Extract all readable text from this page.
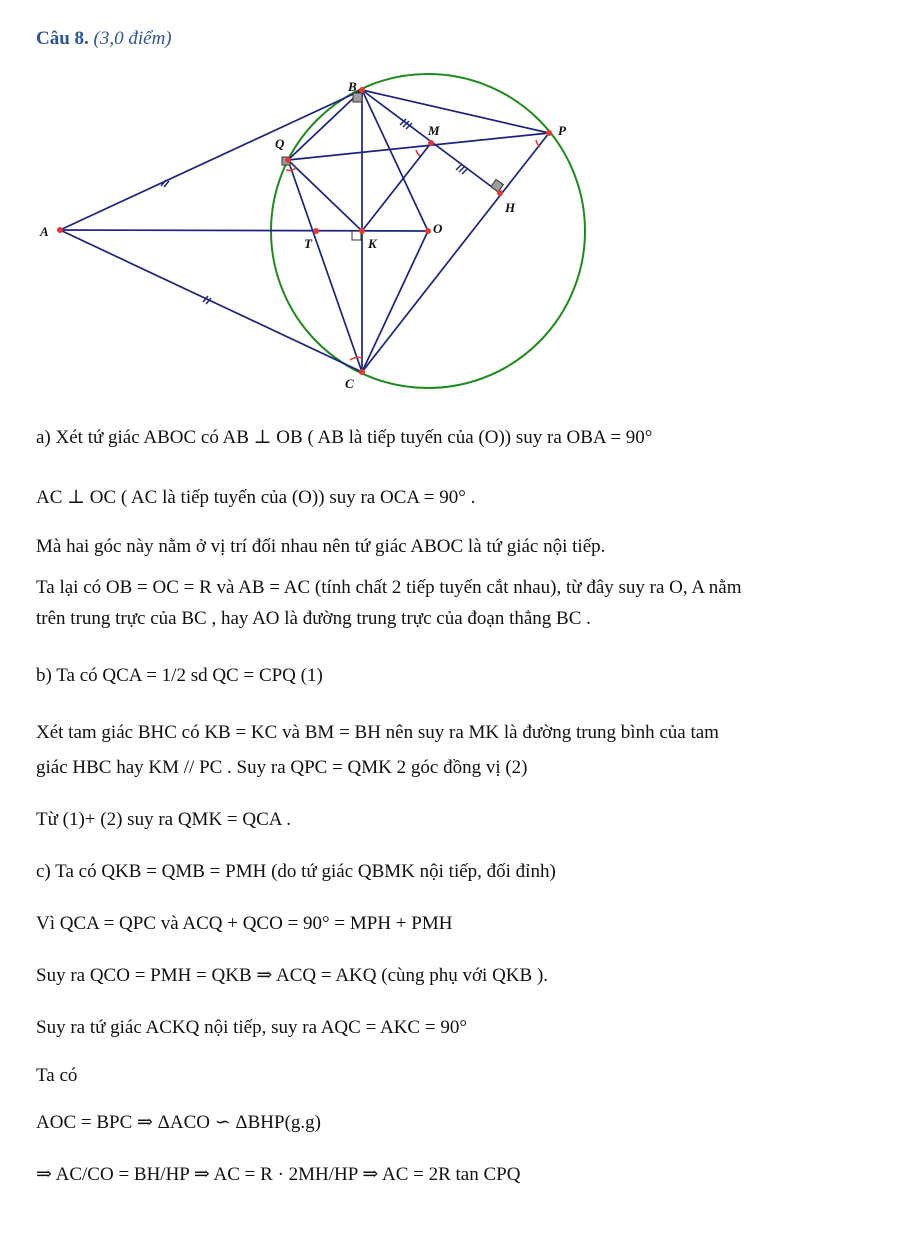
Câu 8. (3,0 điểm)
B
Q
M	P
A
T	K
O
H
C
a) Xét tứ giác ABOC có AB ⊥ OB ( AB là tiếp tuyến của (O)) suy ra OBA = 90°
AC ⊥ OC ( AC là tiếp tuyến của (O)) suy ra OCA = 90° .
Mà hai góc này nằm ở vị trí đối nhau nên tứ giác ABOC là tứ giác nội tiếp.
Ta lại có OB = OC = R và AB = AC (tính chất 2 tiếp tuyến cắt nhau), từ đây suy ra O, A nằm
trên trung trực của BC , hay AO là đường trung trực của đoạn thẳng BC .
b) Ta có QCA = 1/2 sd QC = CPQ (1)
Xét tam giác BHC có KB = KC và BM = BH nên suy ra MK là đường trung bình của tam
giác HBC hay KM // PC . Suy ra QPC = QMK 2 góc đồng vị (2)
Từ (1)+ (2) suy ra QMK = QCA .
c) Ta có QKB = QMB = PMH (do tứ giác QBMK nội tiếp, đối đỉnh)
Vì QCA = QPC và ACQ + QCO = 90° = MPH + PMH
Suy ra QCO = PMH = QKB ⇒ ACQ = AKQ (cùng phụ với QKB ).
Suy ra tứ giác ACKQ nội tiếp, suy ra AQC = AKC = 90°
Ta có
AOC = BPC ⇒ ΔACO ∽ ΔBHP(g.g)
⇒ AC/CO = BH/HP ⇒ AC = R · 2MH/HP ⇒ AC = 2R tan CPQ
